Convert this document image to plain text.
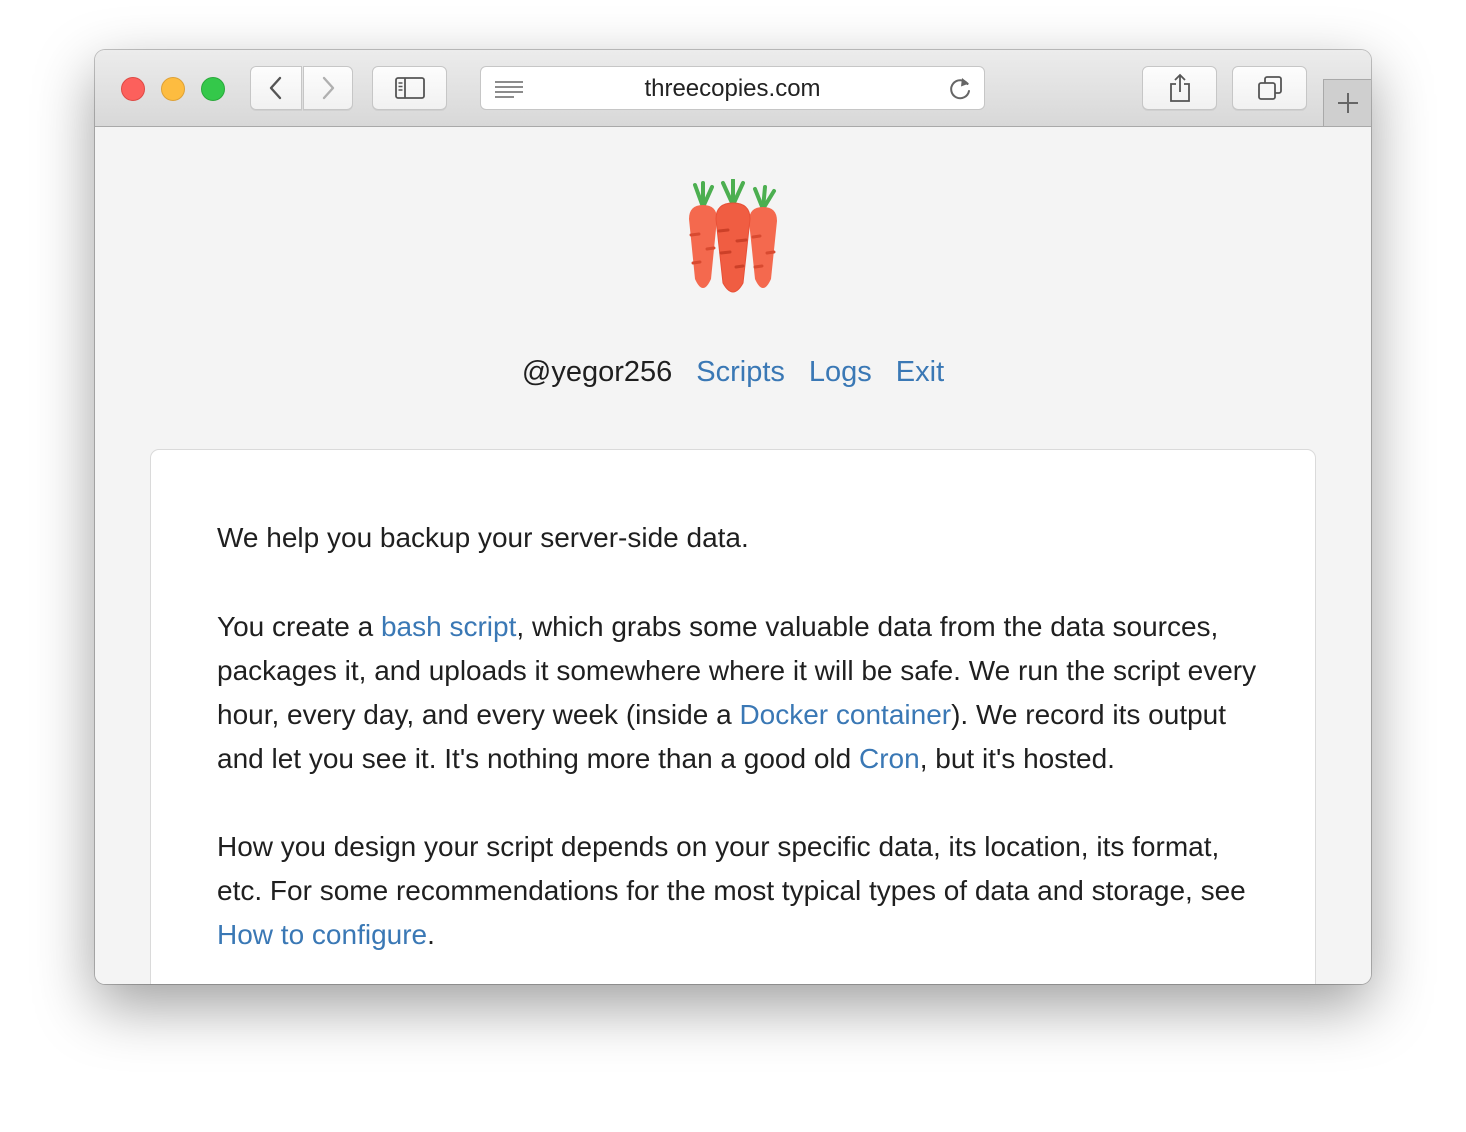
threecopies.com
@yegor256 Scripts Logs Exit

We help you backup your server-side data.

You create a bash script, which grabs some valuable data from the data sources, packages it, and uploads it somewhere where it will be safe. We run the script every hour, every day, and every week (inside a Docker container). We record its output and let you see it. It's nothing more than a good old Cron, but it's hosted.

How you design your script depends on your specific data, its location, its format, etc. For some recommendations for the most typical types of data and storage, see How to configure.
